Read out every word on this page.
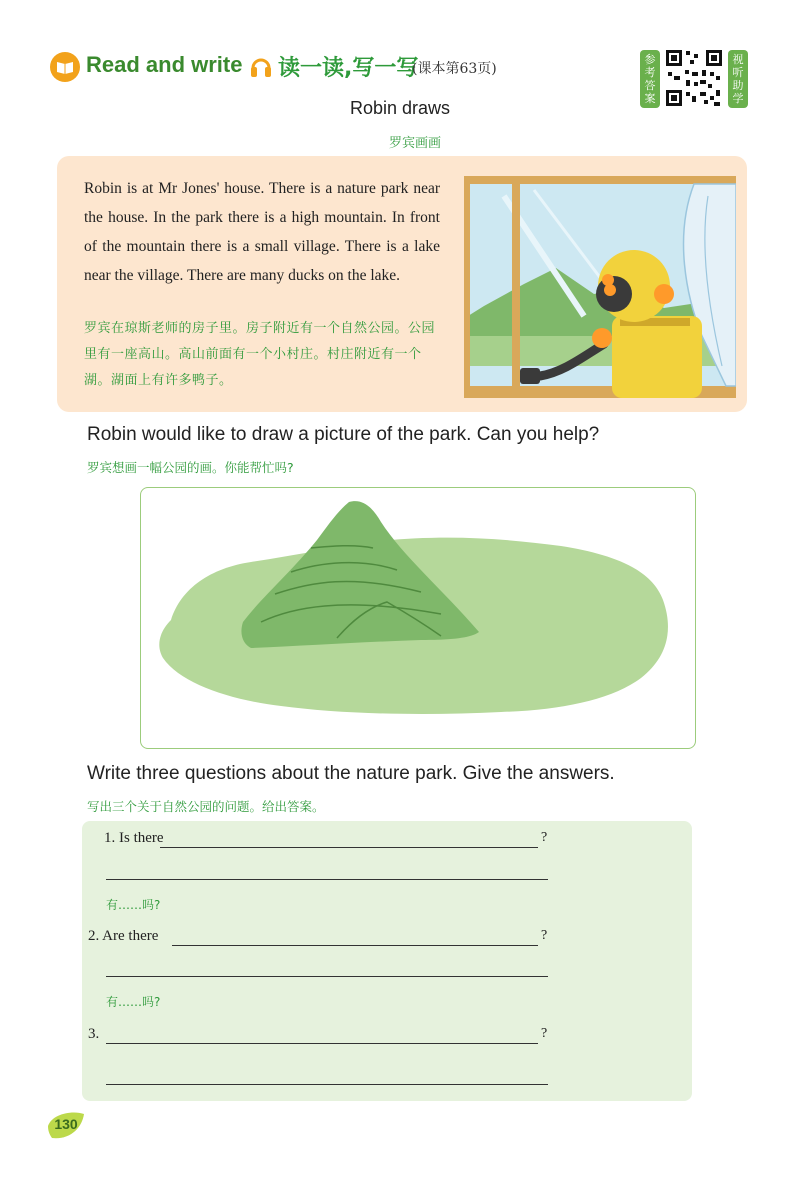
Read and write 读一读,写一写
(课本第63页)
参考答案
视听助学
Robin draws
罗宾画画
Robin is at Mr Jones' house. There is a nature park near the house. In the park there is a high mountain. In front of the mountain there is a small village. There is a lake near the village. There are many ducks on the lake.
罗宾在琼斯老师的房子里。房子附近有一个自然公园。公园里有一座高山。高山前面有一个小村庄。村庄附近有一个湖。湖面上有许多鸭子。
Robin would like to draw a picture of the park. Can you help?
罗宾想画一幅公园的画。你能帮忙吗?
Write three questions about the nature park. Give the answers.
写出三个关于自然公园的问题。给出答案。
1. Is there	?
有……吗?
2. Are there	?
有……吗?
3.	?
130
